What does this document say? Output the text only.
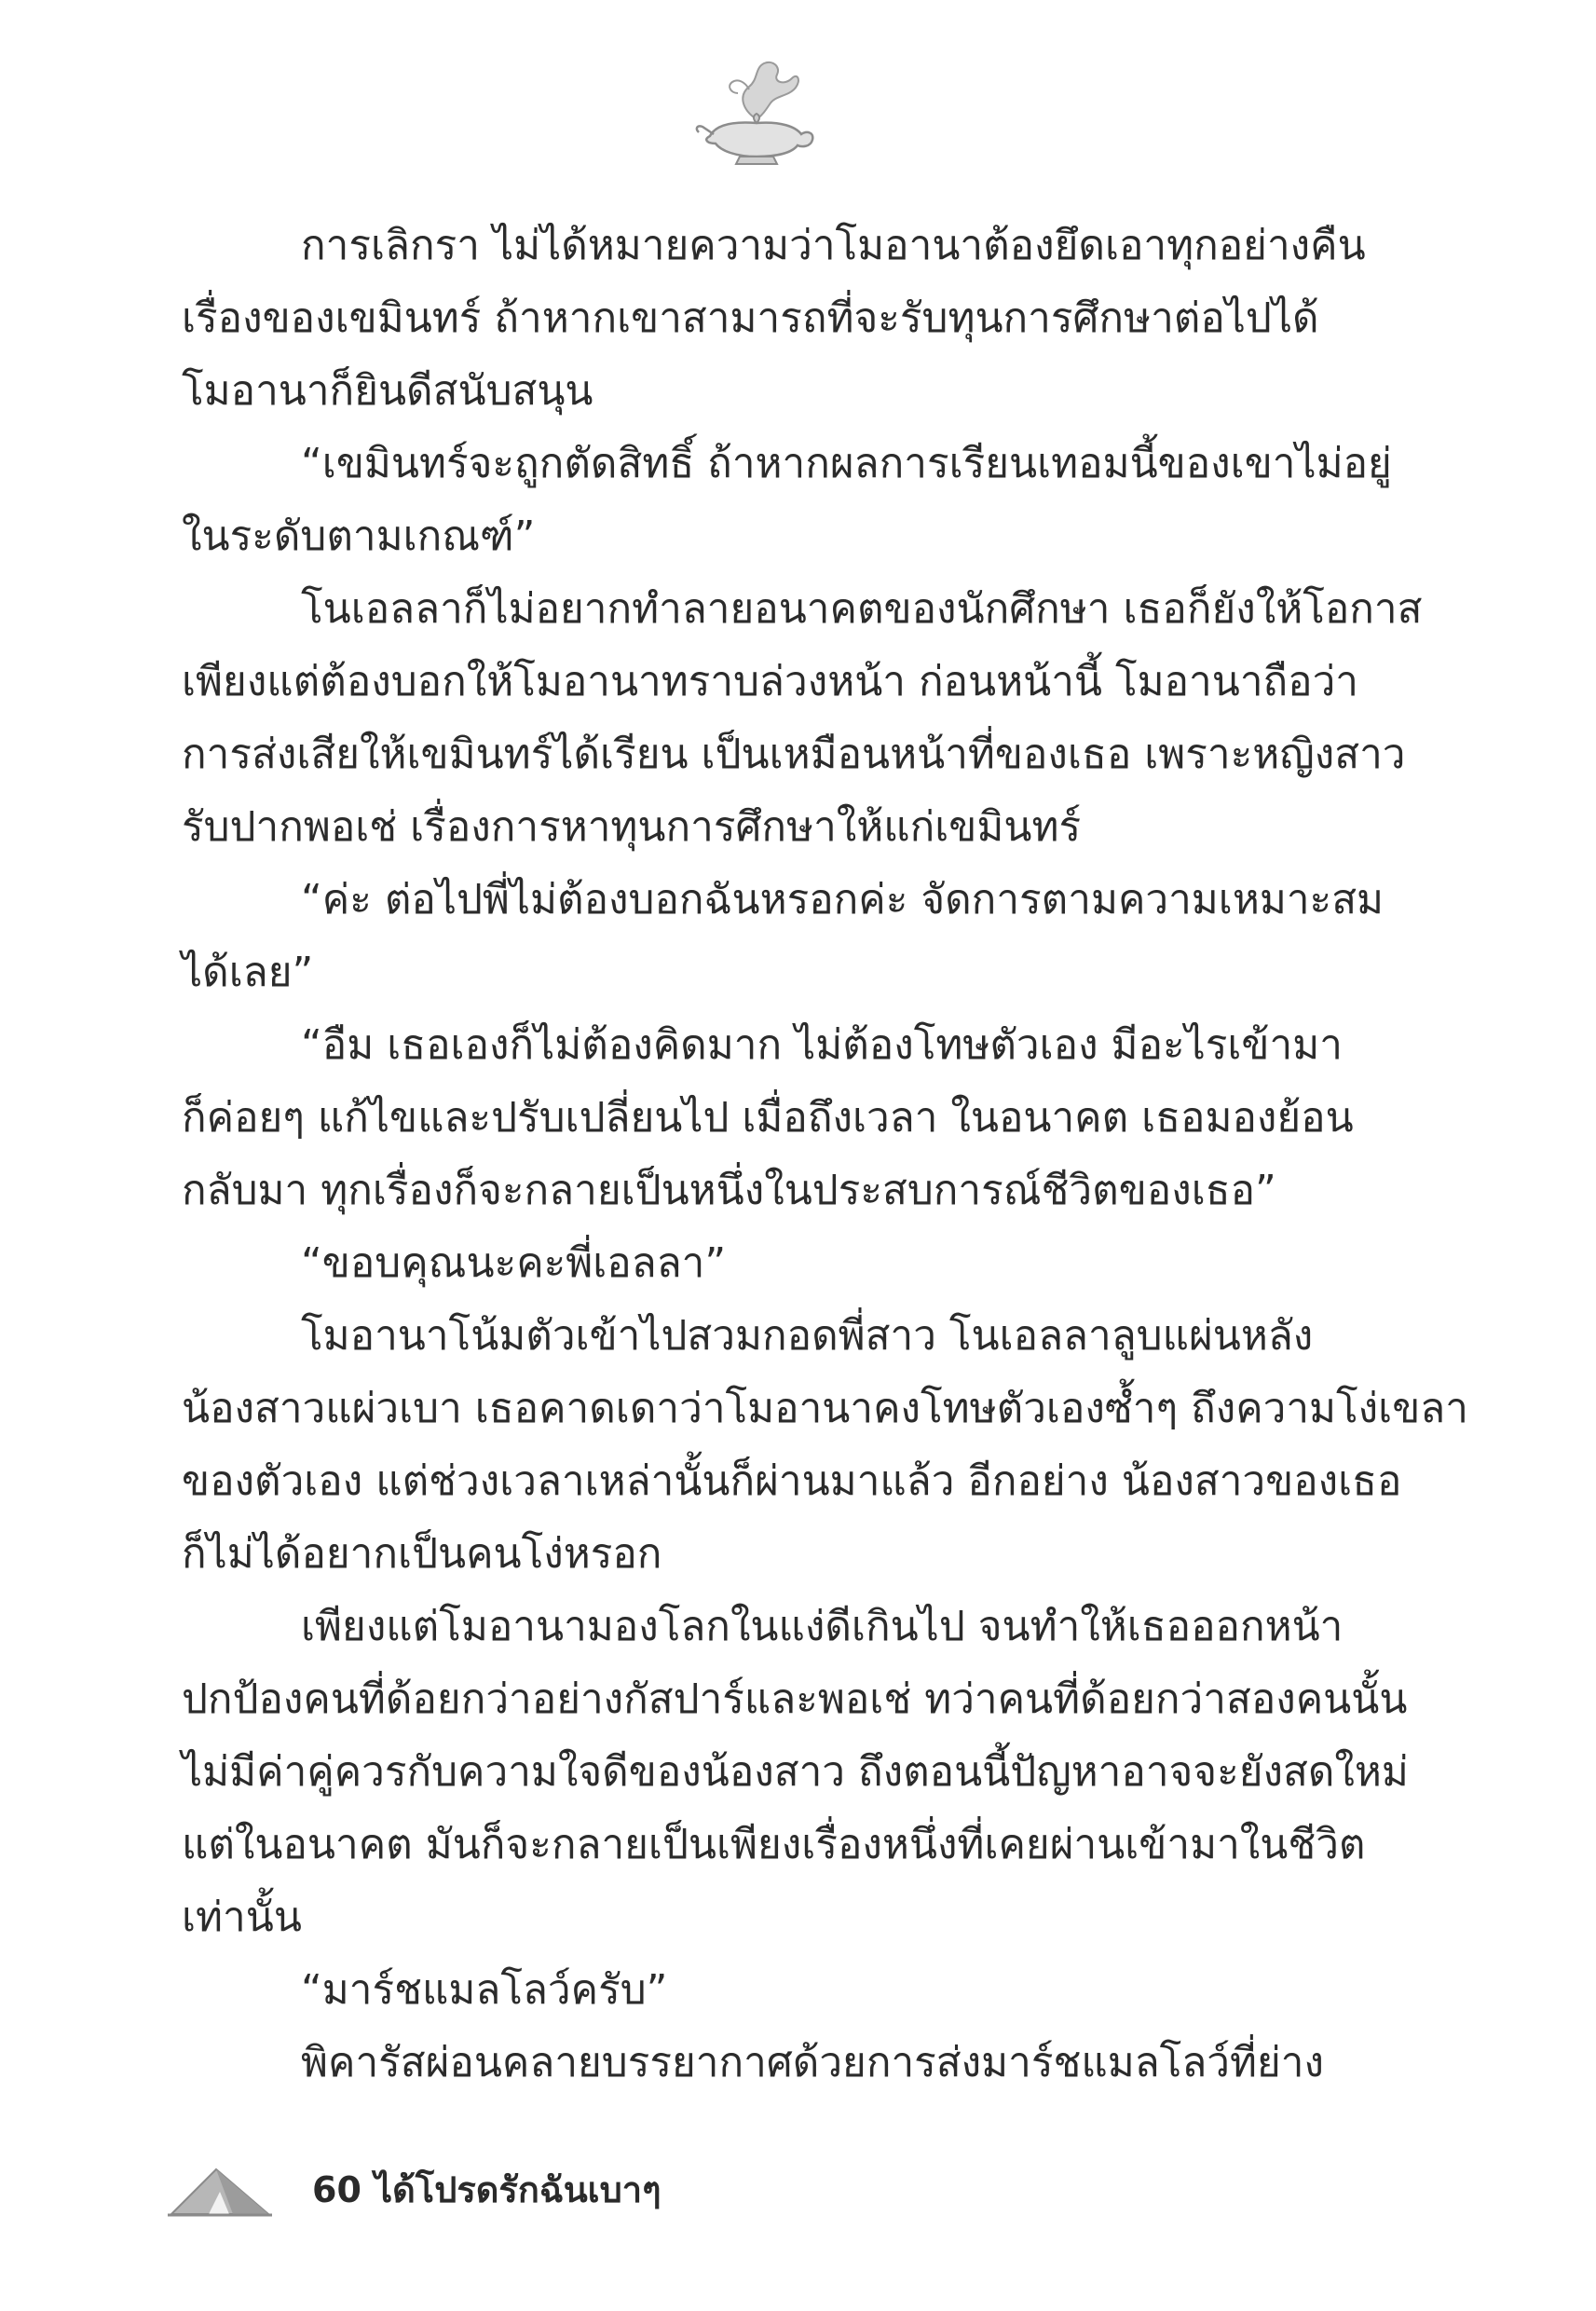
การเลิกรา ไม่ได้หมายความว่าโมอานาต้องยึดเอาทุกอย่างคืน
เรื่องของเขมินทร์ ถ้าหากเขาสามารถที่จะรับทุนการศึกษาต่อไปได้
โมอานาก็ยินดีสนับสนุน
“เขมินทร์จะถูกตัดสิทธิ์ ถ้าหากผลการเรียนเทอมนี้ของเขาไม่อยู่
ในระดับตามเกณฑ์”
โนเอลลาก็ไม่อยากทำลายอนาคตของนักศึกษา เธอก็ยังให้โอกาส
เพียงแต่ต้องบอกให้โมอานาทราบล่วงหน้า ก่อนหน้านี้ โมอานาถือว่า
การส่งเสียให้เขมินทร์ได้เรียน เป็นเหมือนหน้าที่ของเธอ เพราะหญิงสาว
รับปากพอเช่ เรื่องการหาทุนการศึกษาให้แก่เขมินทร์
“ค่ะ ต่อไปพี่ไม่ต้องบอกฉันหรอกค่ะ จัดการตามความเหมาะสม
ได้เลย”
“อืม เธอเองก็ไม่ต้องคิดมาก ไม่ต้องโทษตัวเอง มีอะไรเข้ามา
ก็ค่อยๆ แก้ไขและปรับเปลี่ยนไป เมื่อถึงเวลา ในอนาคต เธอมองย้อน
กลับมา ทุกเรื่องก็จะกลายเป็นหนึ่งในประสบการณ์ชีวิตของเธอ”
“ขอบคุณนะคะพี่เอลลา”
โมอานาโน้มตัวเข้าไปสวมกอดพี่สาว โนเอลลาลูบแผ่นหลัง
น้องสาวแผ่วเบา เธอคาดเดาว่าโมอานาคงโทษตัวเองซ้ำๆ ถึงความโง่เขลา
ของตัวเอง แต่ช่วงเวลาเหล่านั้นก็ผ่านมาแล้ว อีกอย่าง น้องสาวของเธอ
ก็ไม่ได้อยากเป็นคนโง่หรอก
เพียงแต่โมอานามองโลกในแง่ดีเกินไป จนทำให้เธอออกหน้า
ปกป้องคนที่ด้อยกว่าอย่างกัสปาร์และพอเช่ ทว่าคนที่ด้อยกว่าสองคนนั้น
ไม่มีค่าคู่ควรกับความใจดีของน้องสาว ถึงตอนนี้ปัญหาอาจจะยังสดใหม่
แต่ในอนาคต มันก็จะกลายเป็นเพียงเรื่องหนึ่งที่เคยผ่านเข้ามาในชีวิต
เท่านั้น
“มาร์ชแมลโลว์ครับ”
พิคารัสผ่อนคลายบรรยากาศด้วยการส่งมาร์ชแมลโลว์ที่ย่าง
60 ได้โปรดรักฉันเบาๆ
